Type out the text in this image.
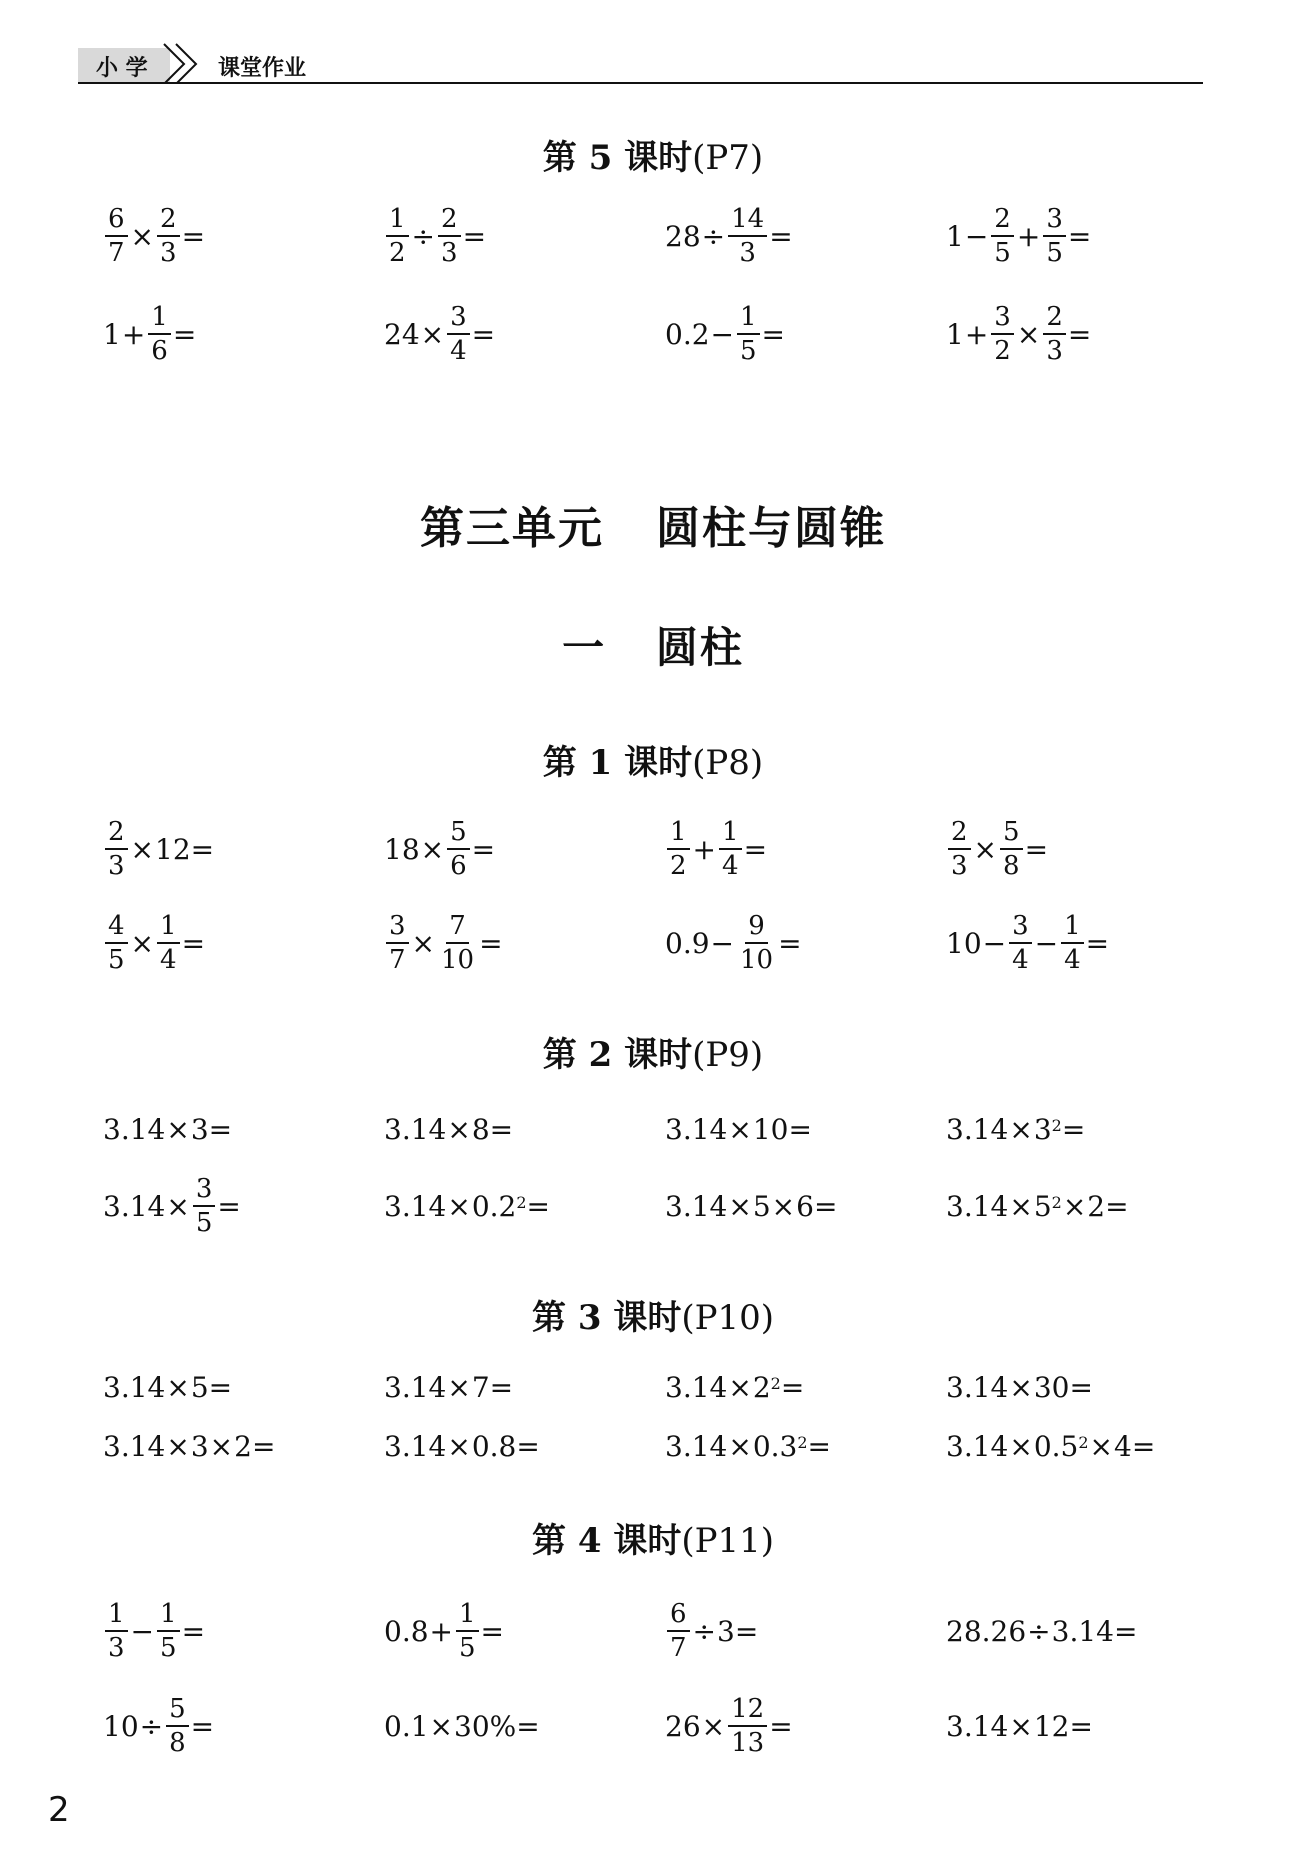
小 学	课堂作业
第 5 课时(P7)
$\frac{6}{7} \times \frac{2}{3}$ =	$\frac{1}{2} \div \frac{2}{3}$ =	$28 \div \frac{14}{3}$ =	$1 - \frac{2}{5} + \frac{3}{5}$ =
$1 + \frac{1}{6}$ =	$24 \times \frac{3}{4}$ =	$0.2 - \frac{1}{5}$ =	$1 + \frac{3}{2} \times \frac{2}{3}$ =
第三单元   圆柱与圆锥
一   圆柱
第 1 课时(P8)
$\frac{2}{3} \times 12$ =	$18 \times \frac{5}{6}$ =	$\frac{1}{2} + \frac{1}{4}$ =	$\frac{2}{3} \times \frac{5}{8}$ =
$\frac{4}{5} \times \frac{1}{4}$ =	$\frac{3}{7} \times \frac{7}{10}$ =	$0.9 - \frac{9}{10}$ =	$10 - \frac{3}{4} - \frac{1}{4}$ =
第 2 课时(P9)
3.14 × 3 =	3.14 × 8 =	3.14 × 10 =	$3.14 \times 3^2$ =
$3.14 \times \frac{3}{5}$ =	$3.14 \times 0.2^2$ =	3.14 × 5 × 6 =	$3.14 \times 5^2 \times 2$ =
第 3 课时(P10)
3.14 × 5 =	3.14 × 7 =	$3.14 \times 2^2$ =	3.14 × 30 =
3.14 × 3 × 2 =	3.14 × 0.8 =	$3.14 \times 0.3^2$ =	$3.14 \times 0.5^2 \times 4$ =
第 4 课时(P11)
$\frac{1}{3} - \frac{1}{5}$ =	$0.8 + \frac{1}{5}$ =	$\frac{6}{7} \div 3$ =	28.26 ÷ 3.14 =
$10 \div \frac{5}{8}$ =	0.1 × 30% =	$26 \times \frac{12}{13}$ =	3.14 × 12 =
2
